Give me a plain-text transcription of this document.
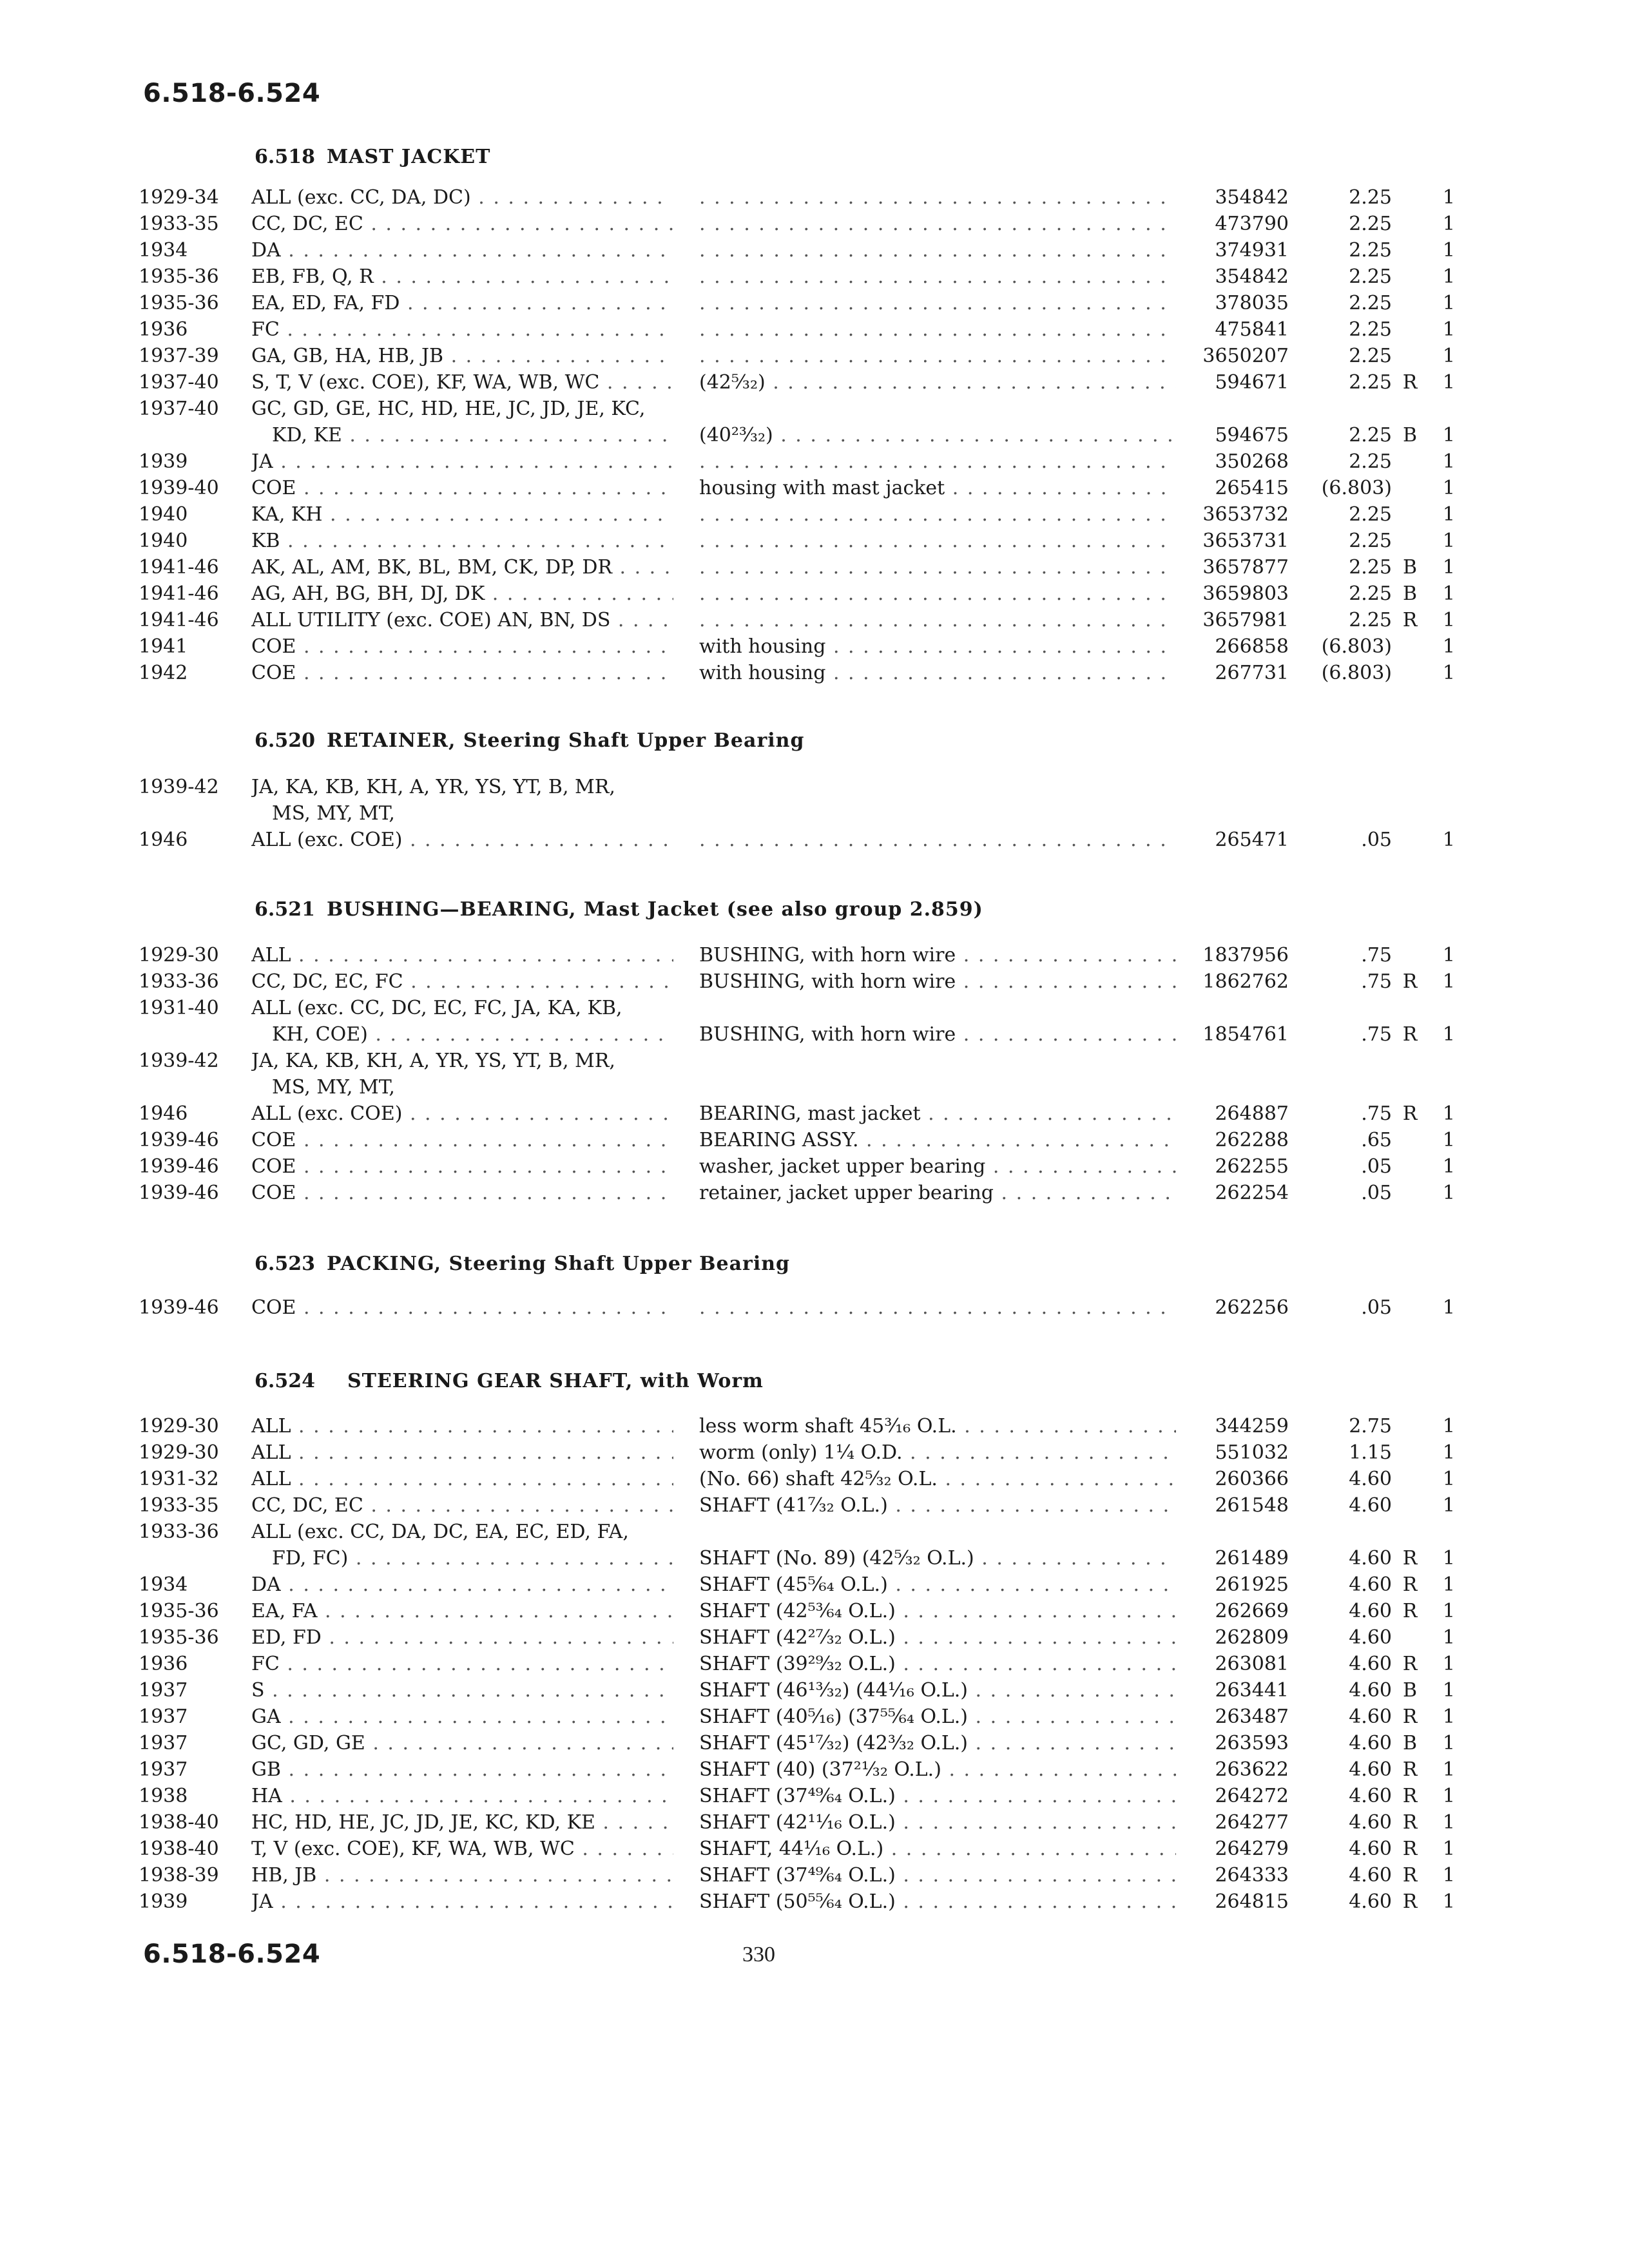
6.518-6.524
6.518 MAST JACKET
1929-34	ALL (exc. CC, DA, DC) . . . . . .	354842	2.25	1
1933-35	CC, DC, EC . . . . . .	473790	2.25	1
1934	DA . . . . . .	374931	2.25	1
1935-36	EB, FB, Q, R . . . . . .	354842	2.25	1
1935-36	EA, ED, FA, FD . . . . . .	378035	2.25	1
1936	FC . . . . . .	475841	2.25	1
1937-39	GA, GB, HA, HB, JB . . . . . .	3650207	2.25	1
1937-40	S, T, V (exc. COE), KF, WA, WB, WC . . .	(42⁵⁄₃₂) . . .	594671	2.25 R	1
1937-40	GC, GD, GE, HC, HD, HE, JC, JD, JE, KC,
KD, KE . . .	(40²³⁄₃₂) . . .	594675	2.25 B	1
1939	JA . . . . . .	350268	2.25	1
1939-40	COE . . .	housing with mast jacket . . .	265415	(6.803)	1
1940	KA, KH . . . . . .	3653732	2.25	1
1940	KB . . . . . .	3653731	2.25	1
1941-46	AK, AL, AM, BK, BL, BM, CK, DP, DR . . . . . .	3657877	2.25 B	1
1941-46	AG, AH, BG, BH, DJ, DK . . . . . .	3659803	2.25 B	1
1941-46	ALL UTILITY (exc. COE) AN, BN, DS . . . . . .	3657981	2.25 R	1
1941	COE . . .	with housing . . .	266858	(6.803)	1
1942	COE . . .	with housing . . .	267731	(6.803)	1
6.520 RETAINER, Steering Shaft Upper Bearing
1939-42	JA, KA, KB, KH, A, YR, YS, YT, B, MR,
MS, MY, MT,
1946	ALL (exc. COE) . . . . . .	265471	.05	1
6.521 BUSHING—BEARING, Mast Jacket (see also group 2.859)
1929-30	ALL . . .	BUSHING, with horn wire . . .	1837956	.75	1
1933-36	CC, DC, EC, FC . . .	BUSHING, with horn wire . . .	1862762	.75 R	1
1931-40	ALL (exc. CC, DC, EC, FC, JA, KA, KB,
KH, COE) . . .	BUSHING, with horn wire . . .	1854761	.75 R	1
1939-42	JA, KA, KB, KH, A, YR, YS, YT, B, MR,
MS, MY, MT,
1946	ALL (exc. COE) . . .	BEARING, mast jacket . . .	264887	.75 R	1
1939-46	COE . . .	BEARING ASSY. . . .	262288	.65	1
1939-46	COE . . .	washer, jacket upper bearing . . .	262255	.05	1
1939-46	COE . . .	retainer, jacket upper bearing . . .	262254	.05	1
6.523 PACKING, Steering Shaft Upper Bearing
1939-46	COE . . . . . .	262256	.05	1
6.524 STEERING GEAR SHAFT, with Worm
1929-30	ALL . . .	less worm shaft 45³⁄₁₆ O.L. . . .	344259	2.75	1
1929-30	ALL . . .	worm (only) 1¹⁄₄ O.D. . . .	551032	1.15	1
1931-32	ALL . . .	(No. 66) shaft 42⁵⁄₃₂ O.L. . . .	260366	4.60	1
1933-35	CC, DC, EC . . .	SHAFT (41⁷⁄₃₂ O.L.) . . .	261548	4.60	1
1933-36	ALL (exc. CC, DA, DC, EA, EC, ED, FA,
FD, FC) . . .	SHAFT (No. 89) (42⁵⁄₃₂ O.L.) . . .	261489	4.60 R	1
1934	DA . . .	SHAFT (45⁵⁄₆₄ O.L.) . . .	261925	4.60 R	1
1935-36	EA, FA . . .	SHAFT (42⁵³⁄₆₄ O.L.) . . .	262669	4.60 R	1
1935-36	ED, FD . . .	SHAFT (42²⁷⁄₃₂ O.L.) . . .	262809	4.60	1
1936	FC . . .	SHAFT (39²⁹⁄₃₂ O.L.) . . .	263081	4.60 R	1
1937	S . . .	SHAFT (46¹³⁄₃₂) (44¹⁄₁₆ O.L.) . . .	263441	4.60 B	1
1937	GA . . .	SHAFT (40⁵⁄₁₆) (37⁵⁵⁄₆₄ O.L.) . . .	263487	4.60 R	1
1937	GC, GD, GE . . .	SHAFT (45¹⁷⁄₃₂) (42³⁄₃₂ O.L.) . . .	263593	4.60 B	1
1937	GB . . .	SHAFT (40) (37²¹⁄₃₂ O.L.) . . .	263622	4.60 R	1
1938	HA . . .	SHAFT (37⁴⁹⁄₆₄ O.L.) . . .	264272	4.60 R	1
1938-40	HC, HD, HE, JC, JD, JE, KC, KD, KE . . .	SHAFT (42¹¹⁄₁₆ O.L.) . . .	264277	4.60 R	1
1938-40	T, V (exc. COE), KF, WA, WB, WC . . .	SHAFT, 44¹⁄₁₆ O.L.) . . .	264279	4.60 R	1
1938-39	HB, JB . . .	SHAFT (37⁴⁹⁄₆₄ O.L.) . . .	264333	4.60 R	1
1939	JA . . .	SHAFT (50⁵⁵⁄₆₄ O.L.) . . .	264815	4.60 R	1
6.518-6.524	330
